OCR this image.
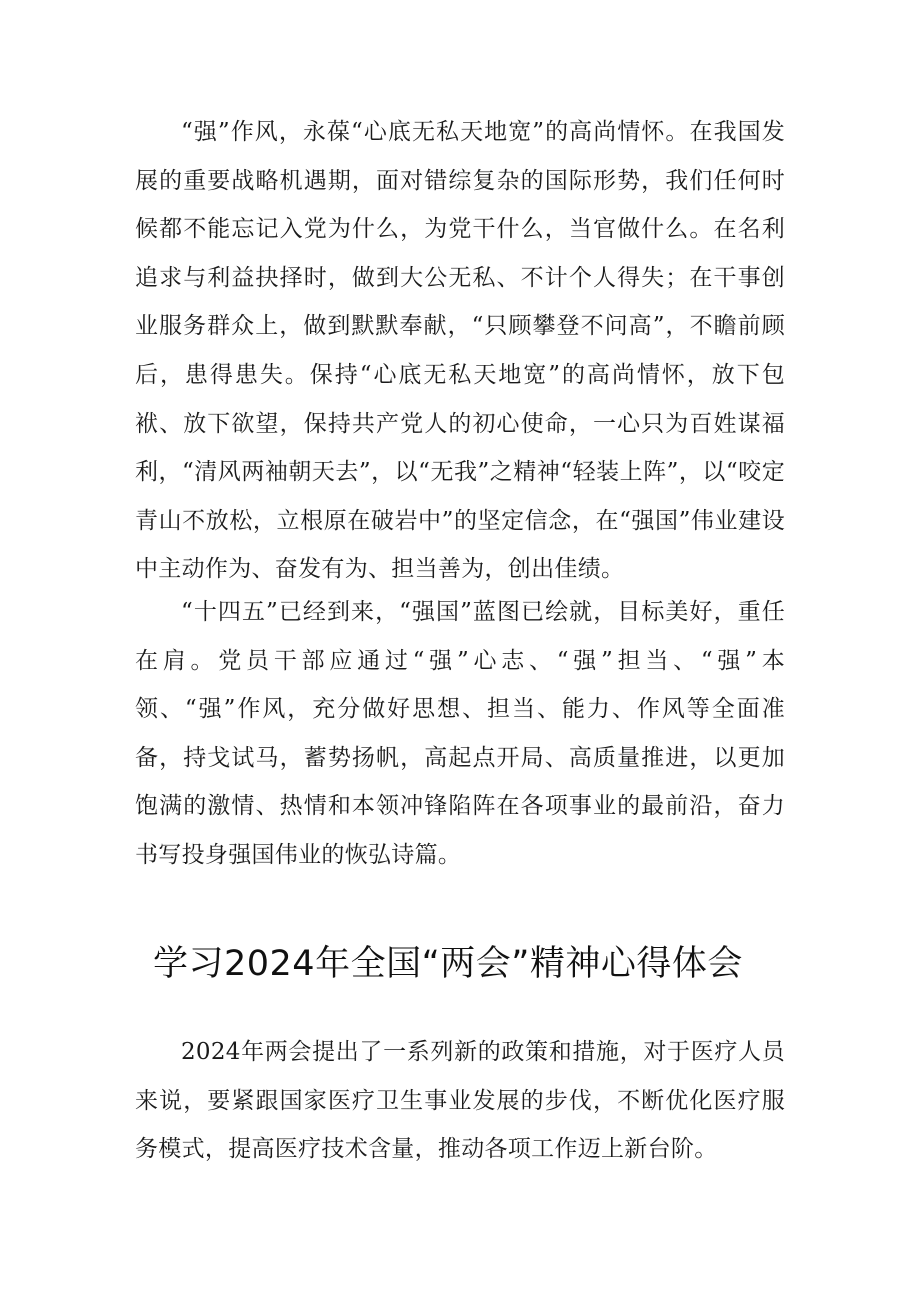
“强”作风，永葆“心底无私天地宽”的高尚情怀。在我国发展的重要战略机遇期，面对错综复杂的国际形势，我们任何时候都不能忘记入党为什么，为党干什么，当官做什么。在名利追求与利益抉择时，做到大公无私、不计个人得失；在干事创业服务群众上，做到默默奉献，“只顾攀登不问高”，不瞻前顾后，患得患失。保持“心底无私天地宽”的高尚情怀，放下包袱、放下欲望，保持共产党人的初心使命，一心只为百姓谋福利，“清风两袖朝天去”，以“无我”之精神“轻装上阵”，以“咬定青山不放松，立根原在破岩中”的坚定信念，在“强国”伟业建设中主动作为、奋发有为、担当善为，创出佳绩。

“十四五”已经到来，“强国”蓝图已绘就，目标美好，重任在肩。党员干部应通过“强”心志、“强”担当、“强”本领、“强”作风，充分做好思想、担当、能力、作风等全面准备，持戈试马，蓄势扬帆，高起点开局、高质量推进，以更加饱满的激情、热情和本领冲锋陷阵在各项事业的最前沿，奋力书写投身强国伟业的恢弘诗篇。

学习2024年全国“两会”精神心得体会

2024年两会提出了一系列新的政策和措施，对于医疗人员来说，要紧跟国家医疗卫生事业发展的步伐，不断优化医疗服务模式，提高医疗技术含量，推动各项工作迈上新台阶。
